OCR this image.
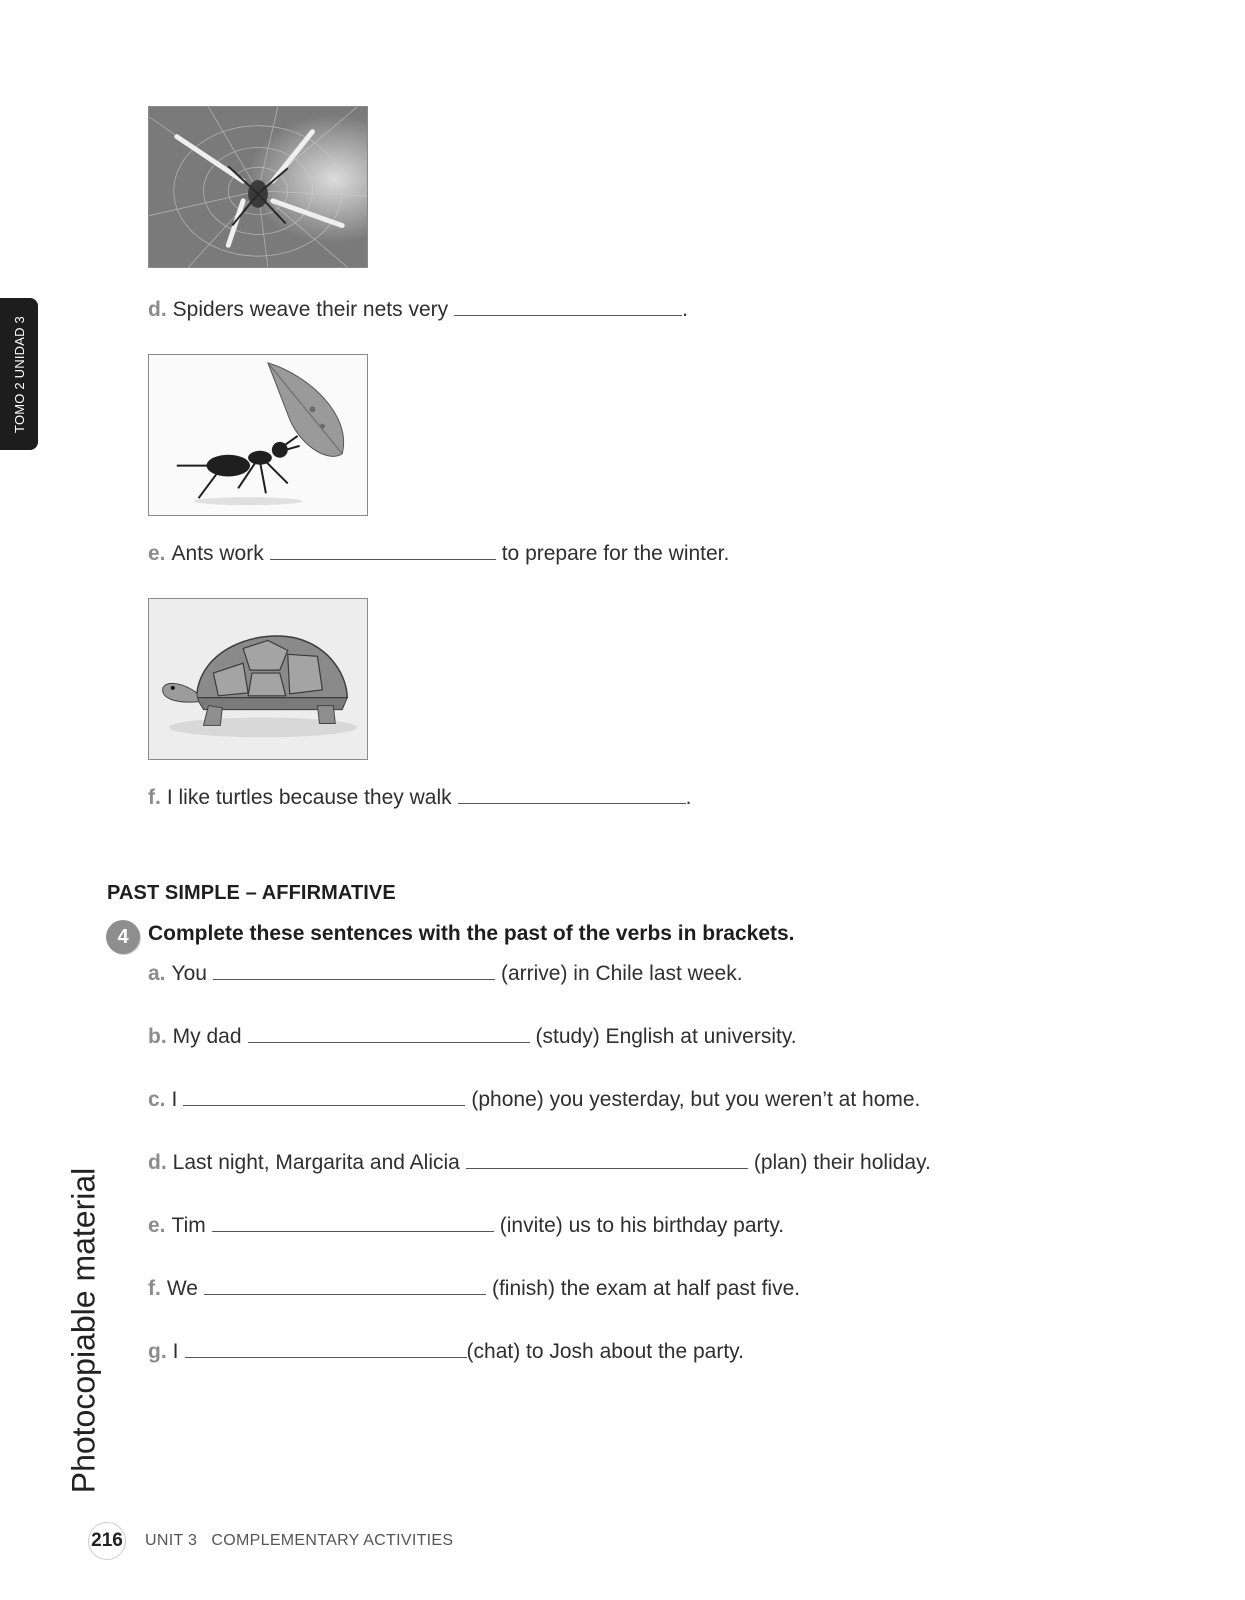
TOMO 2 UNIDAD 3
Photocopiable material
d. Spiders weave their nets very	.
e. Ants work	to prepare for the winter.
f. I like turtles because they walk	.
PAST SIMPLE – AFFIRMATIVE
4 Complete these sentences with the past of the verbs in brackets.
a. You	(arrive) in Chile last week.
b. My dad	(study) English at university.
c. I	(phone) you yesterday, but you weren’t at home.
d. Last night, Margarita and Alicia	(plan) their holiday.
e. Tim	(invite) us to his birthday party.
f. We	(finish) the exam at half past five.
g. I	(chat) to Josh about the party.
216 UNIT 3   COMPLEMENTARY ACTIVITIES
